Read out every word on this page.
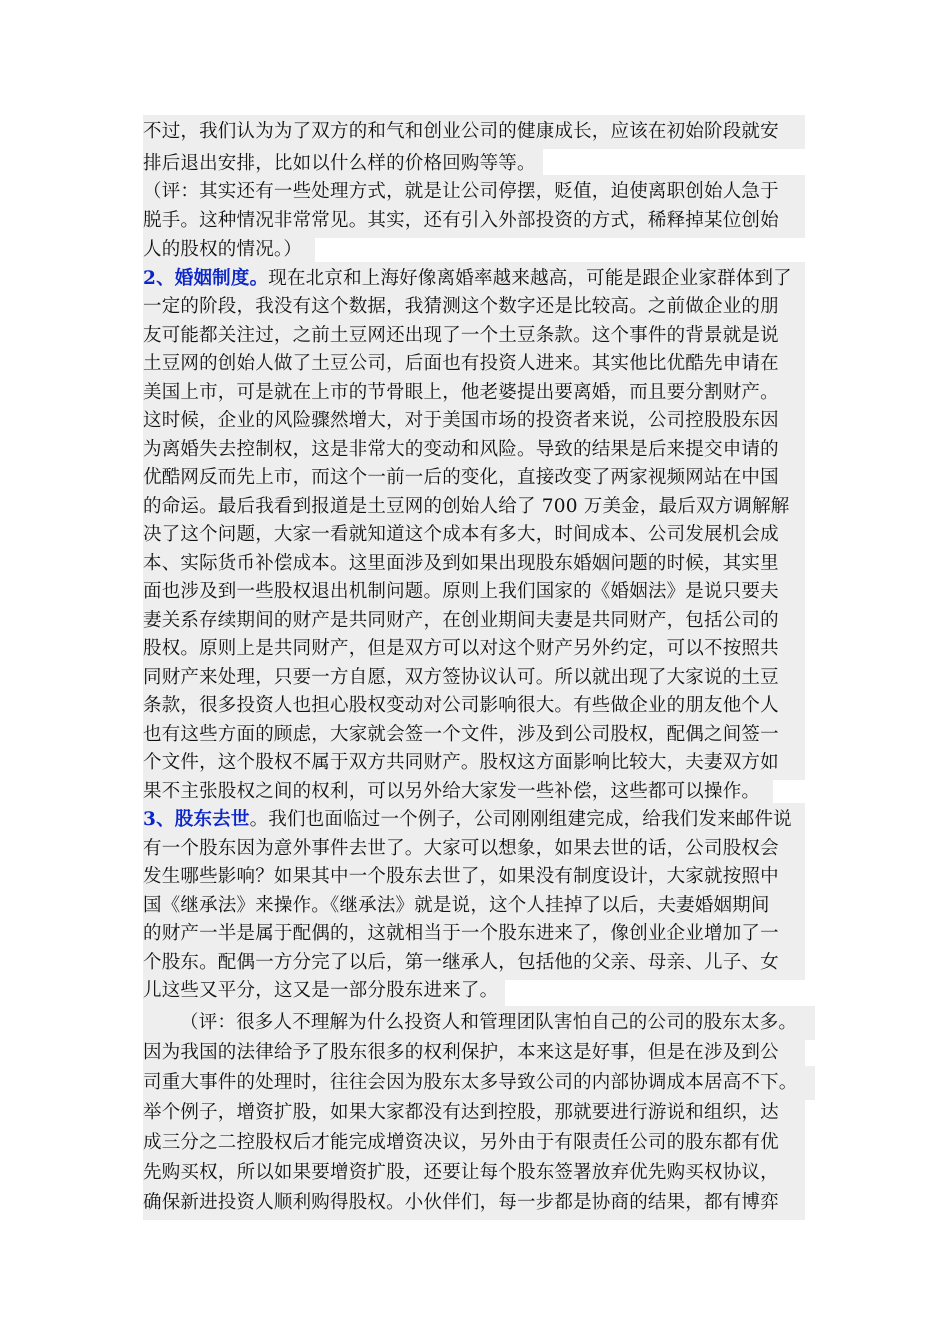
不过，我们认为为了双方的和气和创业公司的健康成长，应该在初始阶段就安
排后退出安排，比如以什么样的价格回购等等。
（评：其实还有一些处理方式，就是让公司停摆，贬值，迫使离职创始人急于
脱手。这种情况非常常见。其实，还有引入外部投资的方式，稀释掉某位创始
人的股权的情况。）
2、婚姻制度。现在北京和上海好像离婚率越来越高，可能是跟企业家群体到了
一定的阶段，我没有这个数据，我猜测这个数字还是比较高。之前做企业的朋
友可能都关注过，之前土豆网还出现了一个土豆条款。这个事件的背景就是说
土豆网的创始人做了土豆公司，后面也有投资人进来。其实他比优酷先申请在
美国上市，可是就在上市的节骨眼上，他老婆提出要离婚，而且要分割财产。
这时候，企业的风险骤然增大，对于美国市场的投资者来说，公司控股股东因
为离婚失去控制权，这是非常大的变动和风险。导致的结果是后来提交申请的
优酷网反而先上市，而这个一前一后的变化，直接改变了两家视频网站在中国
的命运。最后我看到报道是土豆网的创始人给了 700 万美金，最后双方调解解
决了这个问题，大家一看就知道这个成本有多大，时间成本、公司发展机会成
本、实际货币补偿成本。这里面涉及到如果出现股东婚姻问题的时候，其实里
面也涉及到一些股权退出机制问题。原则上我们国家的《婚姻法》是说只要夫
妻关系存续期间的财产是共同财产，在创业期间夫妻是共同财产，包括公司的
股权。原则上是共同财产，但是双方可以对这个财产另外约定，可以不按照共
同财产来处理，只要一方自愿，双方签协议认可。所以就出现了大家说的土豆
条款，很多投资人也担心股权变动对公司影响很大。有些做企业的朋友他个人
也有这些方面的顾虑，大家就会签一个文件，涉及到公司股权，配偶之间签一
个文件，这个股权不属于双方共同财产。股权这方面影响比较大，夫妻双方如
果不主张股权之间的权利，可以另外给大家发一些补偿，这些都可以操作。
3、股东去世。我们也面临过一个例子，公司刚刚组建完成，给我们发来邮件说
有一个股东因为意外事件去世了。大家可以想象，如果去世的话，公司股权会
发生哪些影响？如果其中一个股东去世了，如果没有制度设计，大家就按照中
国《继承法》来操作。《继承法》就是说，这个人挂掉了以后，夫妻婚姻期间
的财产一半是属于配偶的，这就相当于一个股东进来了，像创业企业增加了一
个股东。配偶一方分完了以后，第一继承人，包括他的父亲、母亲、儿子、女
儿这些又平分，这又是一部分股东进来了。
（评：很多人不理解为什么投资人和管理团队害怕自己的公司的股东太多。
因为我国的法律给予了股东很多的权利保护，本来这是好事，但是在涉及到公
司重大事件的处理时，往往会因为股东太多导致公司的内部协调成本居高不下。
举个例子，增资扩股，如果大家都没有达到控股，那就要进行游说和组织，达
成三分之二控股权后才能完成增资决议，另外由于有限责任公司的股东都有优
先购买权，所以如果要增资扩股，还要让每个股东签署放弃优先购买权协议，
确保新进投资人顺利购得股权。小伙伴们，每一步都是协商的结果，都有博弈
